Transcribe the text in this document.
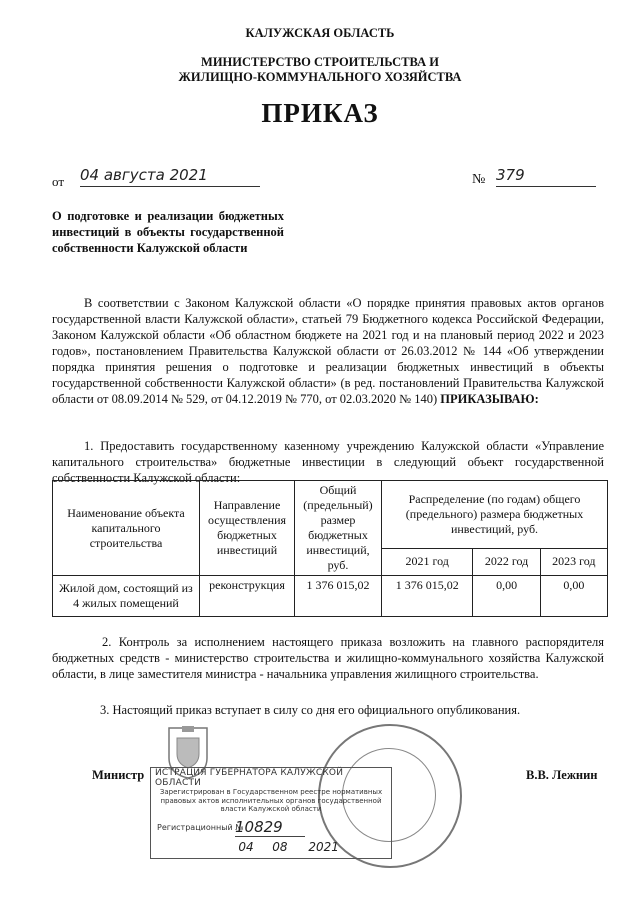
КАЛУЖСКАЯ ОБЛАСТЬ
МИНИСТЕРСТВО СТРОИТЕЛЬСТВА И
ЖИЛИЩНО-КОММУНАЛЬНОГО ХОЗЯЙСТВА
ПРИКАЗ
от 04 августа 2021	№ 379
О подготовке и реализации бюджетных инвестиций в объекты государственной собственности Калужской области
В соответствии с Законом Калужской области «О порядке принятия правовых актов органов государственной власти Калужской области», статьей 79 Бюджетного кодекса Российской Федерации, Законом Калужской области «Об областном бюджете на 2021 год и на плановый период 2022 и 2023 годов», постановлением Правительства Калужской области от 26.03.2012 № 144 «Об утверждении порядка принятия решения о подготовке и реализации бюджетных инвестиций в объекты государственной собственности Калужской области» (в ред. постановлений Правительства Калужской области от 08.09.2014 № 529, от 04.12.2019 № 770, от 02.03.2020 № 140) ПРИКАЗЫВАЮ:
1. Предоставить государственному казенному учреждению Калужской области «Управление капитального строительства» бюджетные инвестиции в следующий объект государственной собственности Калужской области:
Наименование объекта капитального строительства	Направление осуществления бюджетных инвестиций	Общий (предельный) размер бюджетных инвестиций, руб.	Распределение (по годам) общего (предельного) размера бюджетных инвестиций, руб.		
			2021 год	2022 год	2023 год
Жилой дом, состоящий из 4 жилых помещений	реконструкция	1 376 015,02	1 376 015,02	0,00	0,00
2. Контроль за исполнением настоящего приказа возложить на главного распорядителя бюджетных средств - министерство строительства и жилищно-коммунального хозяйства Калужской области, в лице заместителя министра - начальника управления жилищного строительства.
3. Настоящий приказ вступает в силу со дня его официального опубликования.
Министр	В.В. Лежнин
ИСТРАЦИЯ ГУБЕРНАТОРА КАЛУЖСКОЙ ОБЛАСТИ
Зарегистрирован в Государственном реестре нормативных правовых актов исполнительных органов государственной власти Калужской области
Регистрационный №
10829
04 08 2021
